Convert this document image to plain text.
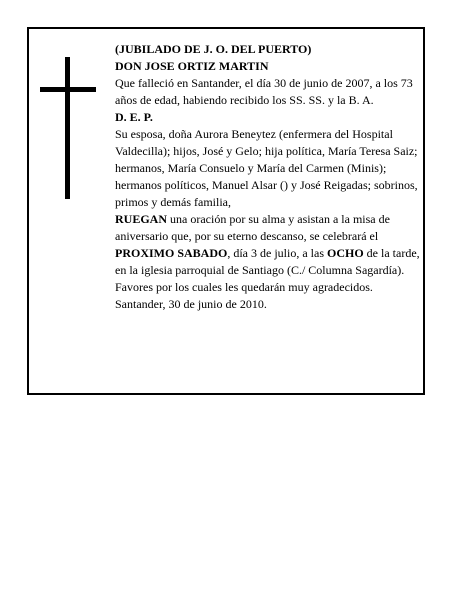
(JUBILADO DE J. O. DEL PUERTO)

DON JOSE ORTIZ MARTIN

Que falleció en Santander, el día 30 de junio de 2007, a los 73 años de edad, habiendo recibido los SS. SS. y la B. A.

D. E. P.

Su esposa, doña Aurora Beneytez (enfermera del Hospital Valdecilla); hijos, José y Gelo; hija política, María Teresa Saiz; hermanos, María Consuelo y María del Carmen (Minis); hermanos políticos, Manuel Alsar () y José Reigadas; sobrinos, primos y demás familia,

RUEGAN una oración por su alma y asistan a la misa de aniversario que, por su eterno descanso, se celebrará el PROXIMO SABADO, día 3 de julio, a las OCHO de la tarde, en la iglesia parroquial de Santiago (C./ Columna Sagardía). Favores por los cuales les quedarán muy agradecidos.

Santander, 30 de junio de 2010.
